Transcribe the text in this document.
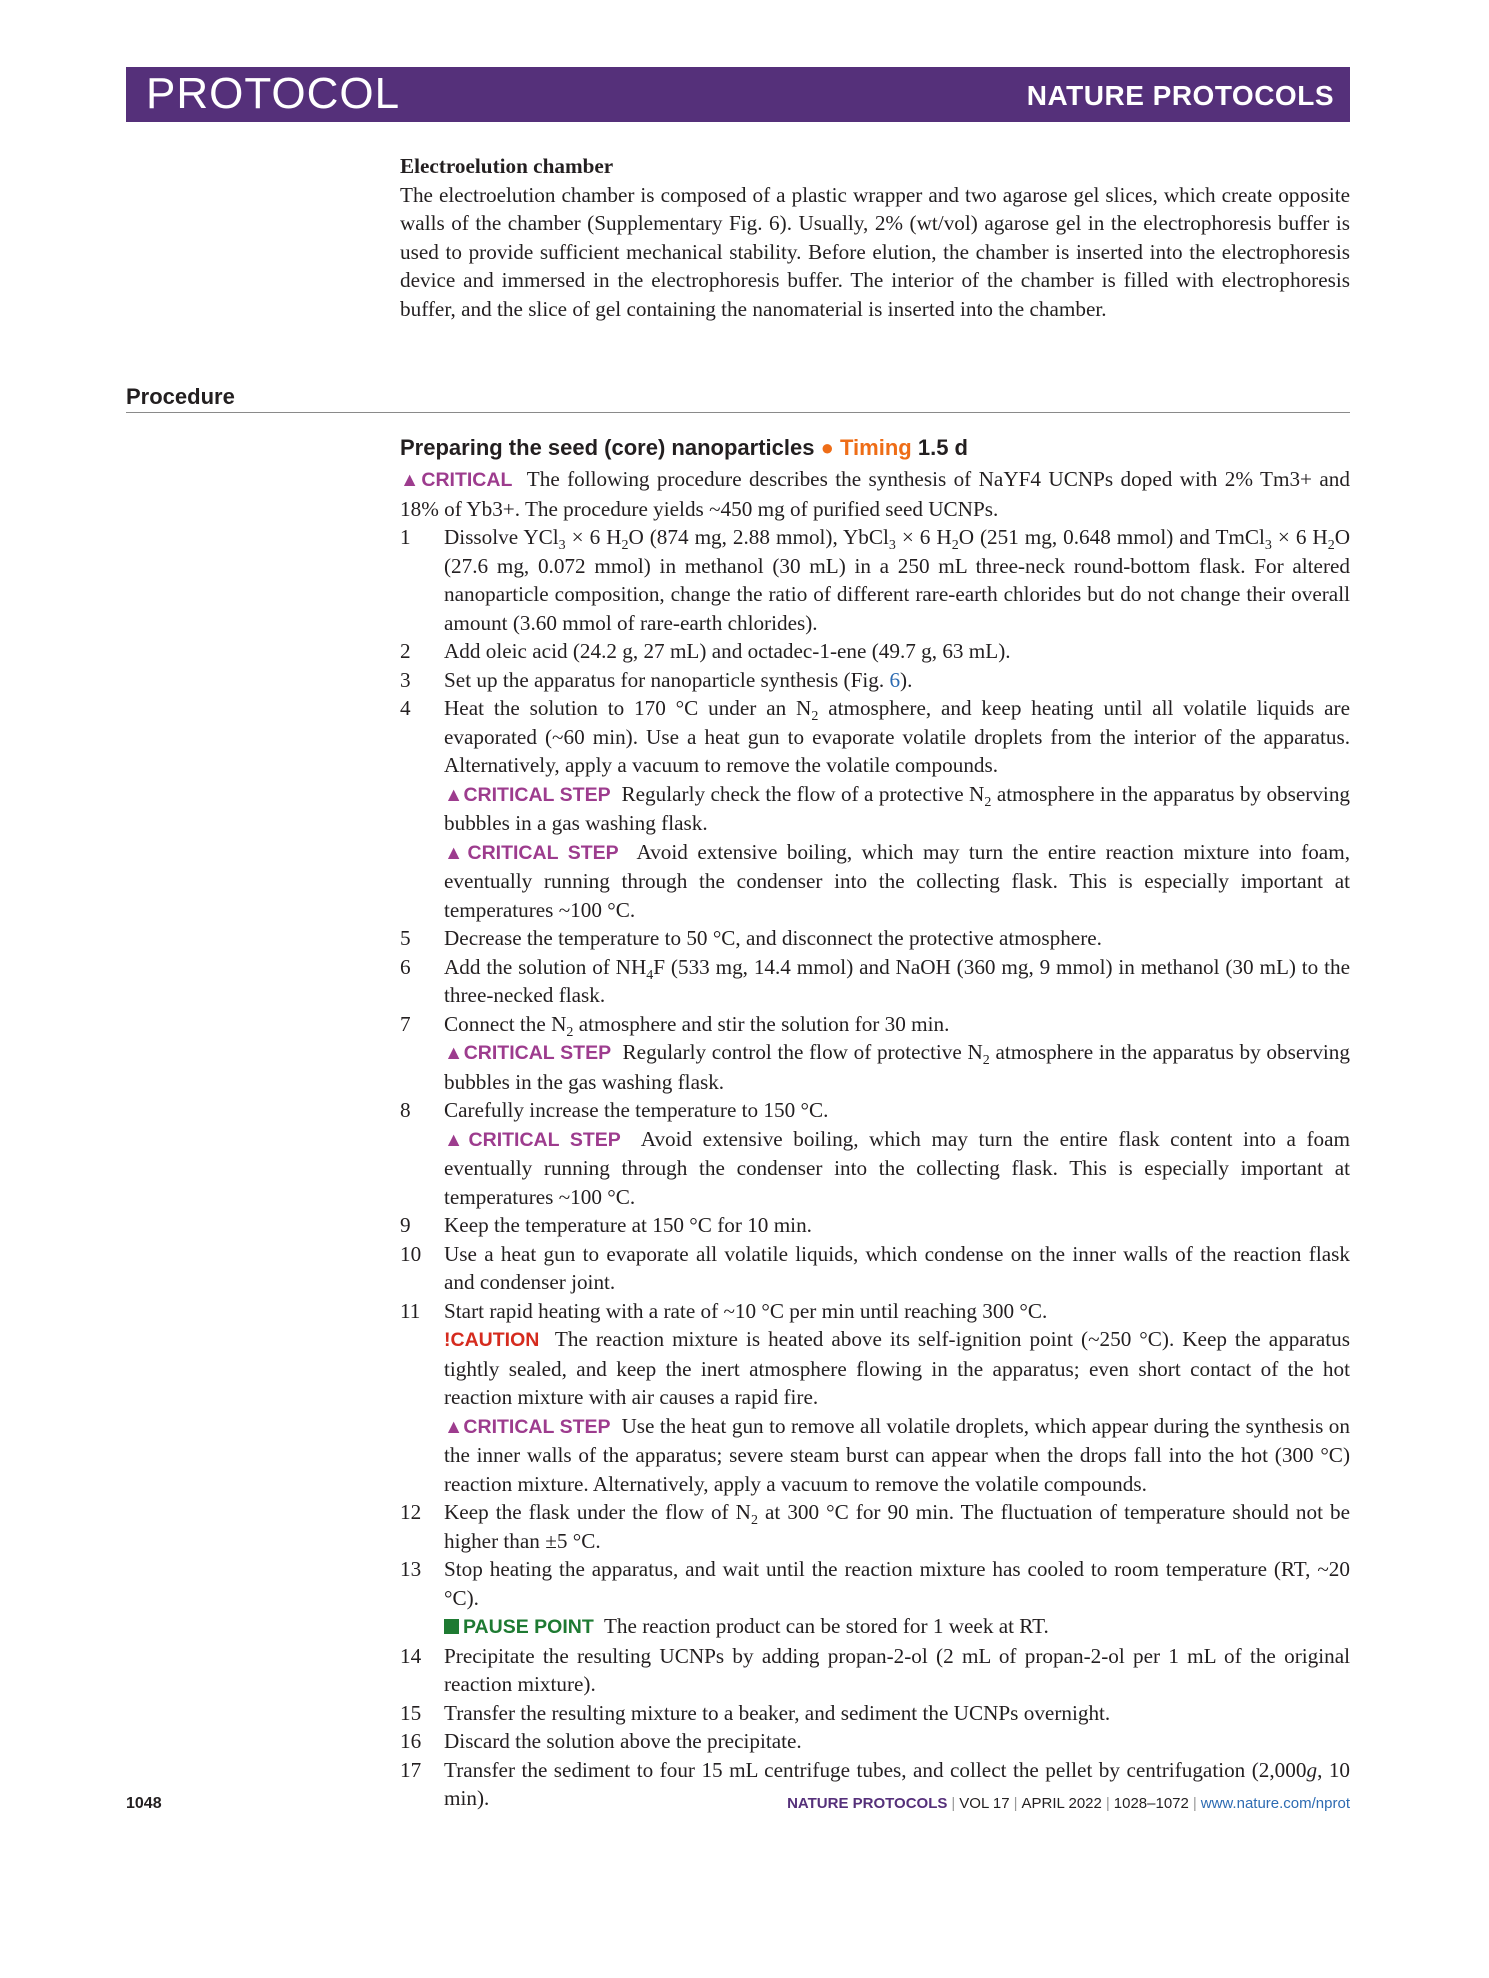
PROTOCOL	NATURE PROTOCOLS
Electroelution chamber
The electroelution chamber is composed of a plastic wrapper and two agarose gel slices, which create opposite walls of the chamber (Supplementary Fig. 6). Usually, 2% (wt/vol) agarose gel in the electrophoresis buffer is used to provide sufficient mechanical stability. Before elution, the chamber is inserted into the electrophoresis device and immersed in the electrophoresis buffer. The interior of the chamber is filled with electrophoresis buffer, and the slice of gel containing the nanomaterial is inserted into the chamber.
Procedure
Preparing the seed (core) nanoparticles ● Timing 1.5 d
▲CRITICAL The following procedure describes the synthesis of NaYF4 UCNPs doped with 2% Tm3+ and 18% of Yb3+. The procedure yields ~450 mg of purified seed UCNPs.
1 Dissolve YCl$_3$ × 6 $H_2O$ (874 mg, 2.88 mmol), YbCl$_3$ × 6 $H_2O$ (251 mg, 0.648 mmol) and TmCl$_3$ × 6 $H_2O$ (27.6 mg, 0.072 mmol) in methanol (30 mL) in a 250 mL three-neck round-bottom flask. For altered nanoparticle composition, change the ratio of different rare-earth chlorides but do not change their overall amount (3.60 mmol of rare-earth chlorides).
2 Add oleic acid (24.2 g, 27 mL) and octadec-1-ene (49.7 g, 63 mL).
3 Set up the apparatus for nanoparticle synthesis (Fig. 6).
4 Heat the solution to 170 °C under an $N_2$ atmosphere, and keep heating until all volatile liquids are evaporated (~60 min). Use a heat gun to evaporate volatile droplets from the interior of the apparatus. Alternatively, apply a vacuum to remove the volatile compounds.
▲CRITICAL STEP Regularly check the flow of a protective $N_2$ atmosphere in the apparatus by observing bubbles in a gas washing flask.
▲CRITICAL STEP Avoid extensive boiling, which may turn the entire reaction mixture into foam, eventually running through the condenser into the collecting flask. This is especially important at temperatures ~100 °C.
5 Decrease the temperature to 50 °C, and disconnect the protective atmosphere.
6 Add the solution of $NH_4F$ (533 mg, 14.4 mmol) and NaOH (360 mg, 9 mmol) in methanol (30 mL) to the three-necked flask.
7 Connect the $N_2$ atmosphere and stir the solution for 30 min.
▲CRITICAL STEP Regularly control the flow of protective $N_2$ atmosphere in the apparatus by observing bubbles in the gas washing flask.
8 Carefully increase the temperature to 150 °C.
▲CRITICAL STEP Avoid extensive boiling, which may turn the entire flask content into a foam eventually running through the condenser into the collecting flask. This is especially important at temperatures ~100 °C.
9 Keep the temperature at 150 °C for 10 min.
10 Use a heat gun to evaporate all volatile liquids, which condense on the inner walls of the reaction flask and condenser joint.
11 Start rapid heating with a rate of ~10 °C per min until reaching 300 °C.
!CAUTION The reaction mixture is heated above its self-ignition point (~250 °C). Keep the apparatus tightly sealed, and keep the inert atmosphere flowing in the apparatus; even short contact of the hot reaction mixture with air causes a rapid fire.
▲CRITICAL STEP Use the heat gun to remove all volatile droplets, which appear during the synthesis on the inner walls of the apparatus; severe steam burst can appear when the drops fall into the hot (300 °C) reaction mixture. Alternatively, apply a vacuum to remove the volatile compounds.
12 Keep the flask under the flow of $N_2$ at 300 °C for 90 min. The fluctuation of temperature should not be higher than ±5 °C.
13 Stop heating the apparatus, and wait until the reaction mixture has cooled to room temperature (RT, ~20 °C).
PAUSE POINT The reaction product can be stored for 1 week at RT.
14 Precipitate the resulting UCNPs by adding propan-2-ol (2 mL of propan-2-ol per 1 mL of the original reaction mixture).
15 Transfer the resulting mixture to a beaker, and sediment the UCNPs overnight.
16 Discard the solution above the precipitate.
17 Transfer the sediment to four 15 mL centrifuge tubes, and collect the pellet by centrifugation (2,000g, 10 min).
1048	NATURE PROTOCOLS | VOL 17 | APRIL 2022 | 1028–1072 | www.nature.com/nprot
